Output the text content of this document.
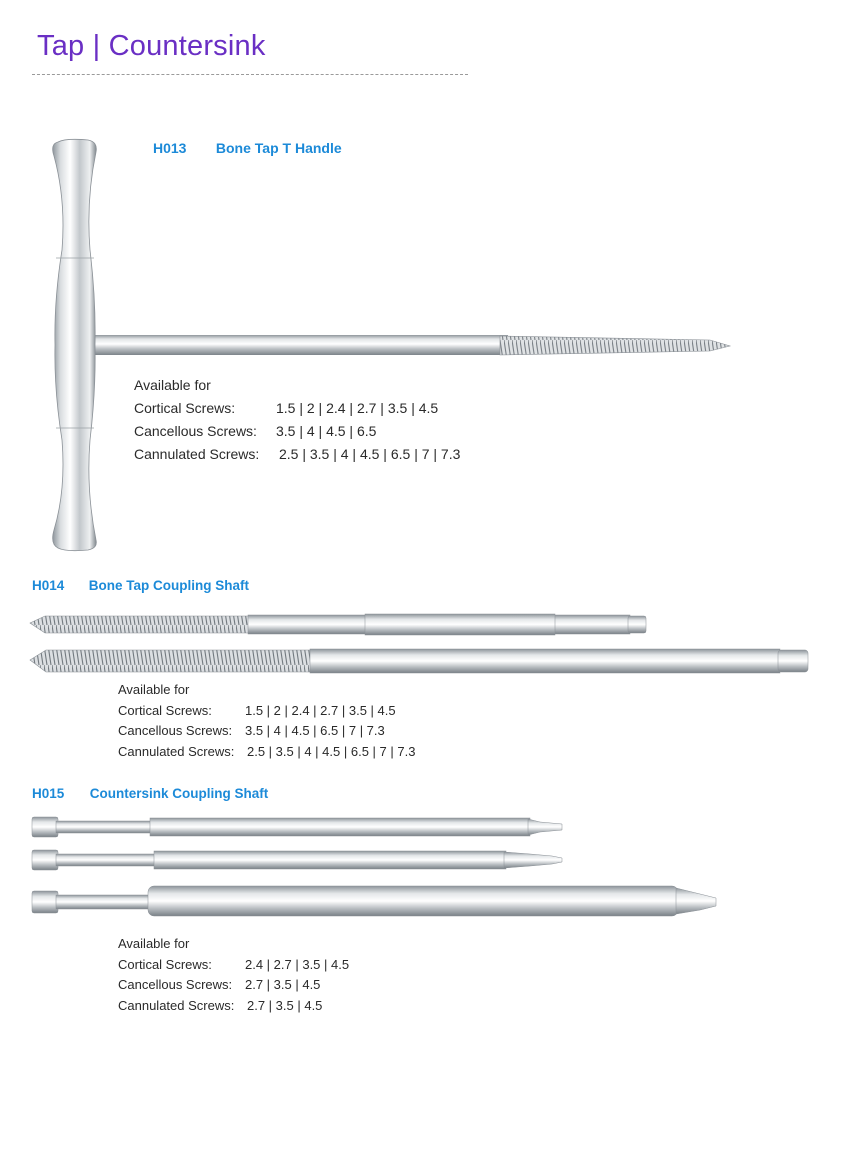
Tap | Countersink
H013 Bone Tap T Handle
Available for
Cortical Screws:	1.5 | 2 | 2.4 | 2.7 | 3.5 | 4.5
Cancellous Screws: 3.5 | 4 | 4.5 | 6.5
Cannulated Screws: 2.5 | 3.5 | 4 | 4.5 | 6.5 | 7 | 7.3
H014 Bone Tap Coupling Shaft
Available for
Cortical Screws:	1.5 | 2 | 2.4 | 2.7 | 3.5 | 4.5
Cancellous Screws: 3.5 | 4 | 4.5 | 6.5 | 7 | 7.3
Cannulated Screws: 2.5 | 3.5 | 4 | 4.5 | 6.5 | 7 | 7.3
H015 Countersink Coupling Shaft
Available for
Cortical Screws:	2.4 | 2.7 | 3.5 | 4.5
Cancellous Screws: 2.7 | 3.5 | 4.5
Cannulated Screws: 2.7 | 3.5 | 4.5
